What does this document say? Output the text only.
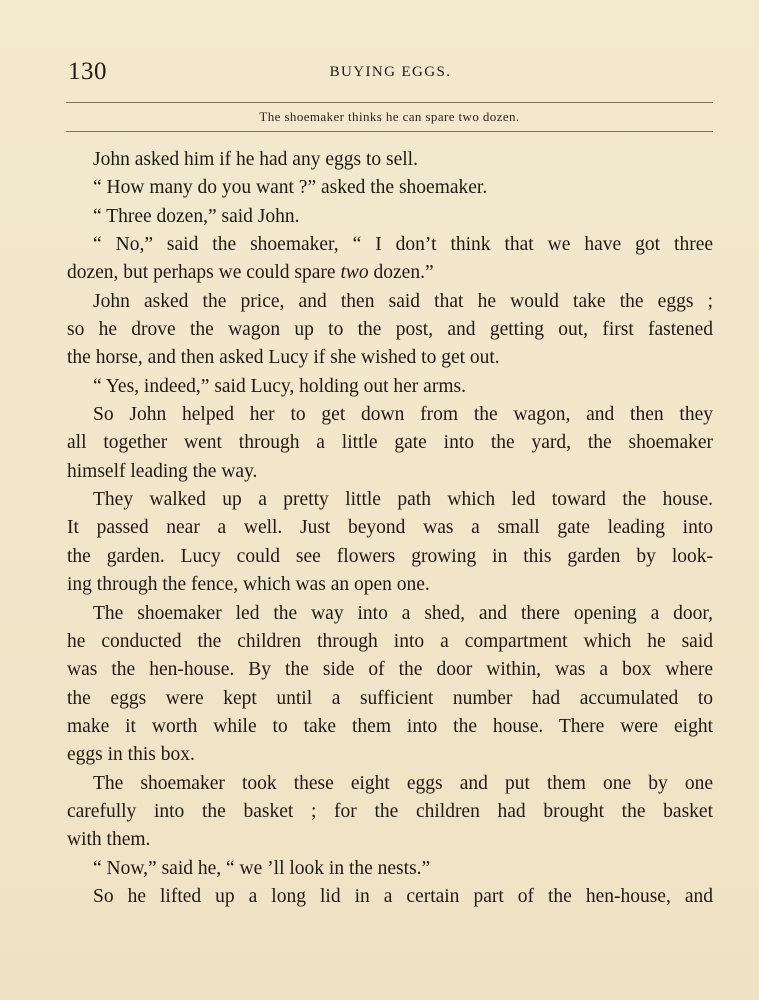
130	BUYING EGGS.
The shoemaker thinks he can spare two dozen.
John asked him if he had any eggs to sell.
“ How many do you want ?” asked the shoemaker.
“ Three dozen,” said John.
“ No,” said the shoemaker, “ I don’t think that we have got three
dozen, but perhaps we could spare two dozen.”
John asked the price, and then said that he would take the eggs ;
so he drove the wagon up to the post, and getting out, first fastened
the horse, and then asked Lucy if she wished to get out.
“ Yes, indeed,” said Lucy, holding out her arms.
So John helped her to get down from the wagon, and then they
all together went through a little gate into the yard, the shoemaker
himself leading the way.
They walked up a pretty little path which led toward the house.
It passed near a well. Just beyond was a small gate leading into
the garden. Lucy could see flowers growing in this garden by look-
ing through the fence, which was an open one.
The shoemaker led the way into a shed, and there opening a door,
he conducted the children through into a compartment which he said
was the hen-house. By the side of the door within, was a box where
the eggs were kept until a sufficient number had accumulated to
make it worth while to take them into the house. There were eight
eggs in this box.
The shoemaker took these eight eggs and put them one by one
carefully into the basket ; for the children had brought the basket
with them.
“ Now,” said he, “ we ’ll look in the nests.”
So he lifted up a long lid in a certain part of the hen-house, and
